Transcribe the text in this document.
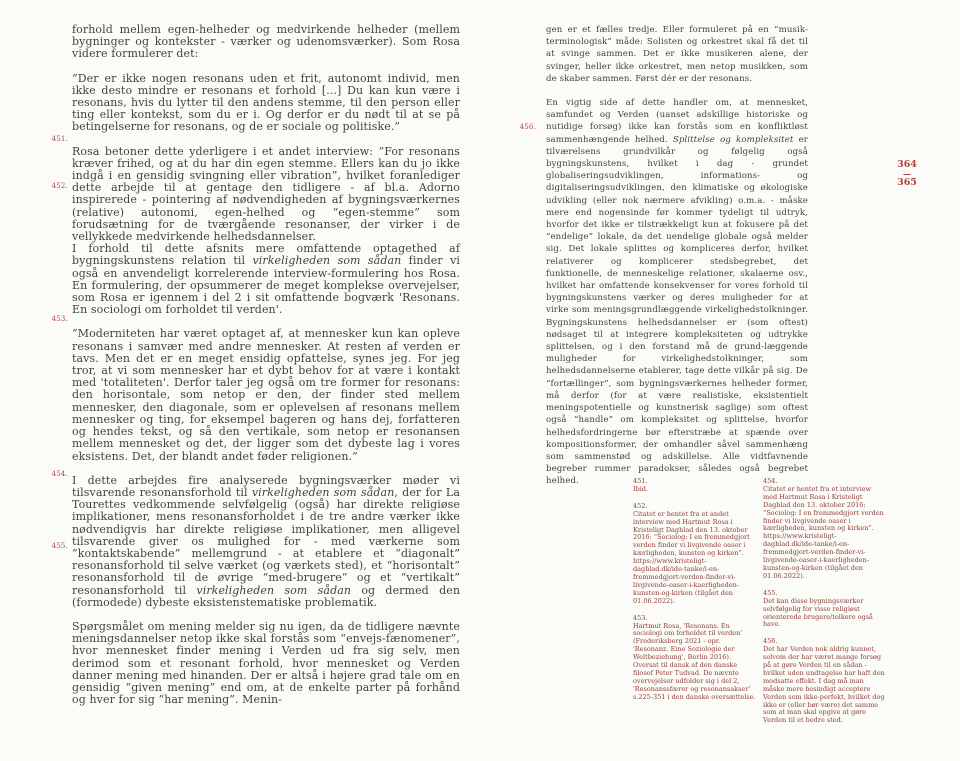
451.
452.
453.
454.
455.

forhold mellem egen-helheder og medvirkende helheder (mellem bygninger og kontekster - værker og udenomsværker). Som Rosa videre formulerer det:

“Der er ikke nogen resonans uden et frit, autonomt individ, men ikke desto mindre er resonans et forhold [...] Du kan kun være i resonans, hvis du lytter til den andens stemme, til den person eller ting eller kontekst, som du er i. Og derfor er du nødt til at se på betingelserne for resonans, og de er sociale og politiske.”

Rosa betoner dette yderligere i et andet interview: “For resonans kræver frihed, og at du har din egen stemme. Ellers kan du jo ikke indgå i en gensidig svingning eller vibration”, hvilket foranlediger dette arbejde til at gentage den tidligere - af bl.a. Adorno inspirerede - pointering af nødvendigheden af bygningsværkernes (relative) autonomi, egen-helhed og “egen-stemme” som forudsætning for de tværgående resonanser, der virker i de vellykkede medvirkende helhedsdannelser.

I forhold til dette afsnits mere omfattende optagethed af bygningskunstens relation til virkeligheden som sådan finder vi også en anvendeligt korrelerende interview-formulering hos Rosa. En formulering, der opsummerer de meget komplekse overvejelser, som Rosa er igennem i del 2 i sit omfattende bogværk 'Resonans. En sociologi om forholdet til verden'.

“Moderniteten har været optaget af, at mennesker kun kan opleve resonans i samvær med andre mennesker. At resten af verden er tavs. Men det er en meget ensidig opfattelse, synes jeg. For jeg tror, at vi som mennesker har et dybt behov for at være i kontakt med 'totaliteten'. Derfor taler jeg også om tre former for resonans: den horisontale, som netop er den, der finder sted mellem mennesker, den diagonale, som er oplevelsen af resonans mellem mennesker og ting, for eksempel bageren og hans dej, forfatteren og hendes tekst, og så den vertikale, som netop er resonansen mellem mennesket og det, der ligger som det dybeste lag i vores eksistens. Det, der blandt andet føder religionen.”

I dette arbejdes fire analyserede bygningsværker møder vi tilsvarende resonansforhold til virkeligheden som sådan, der for La Tourettes vedkommende selvfølgelig (også) har direkte religiøse implikationer, mens resonansforholdet i de tre andre værker ikke nødvendigvis har direkte religiøse implikationer, men alligevel tilsvarende giver os mulighed for - med værkerne som “kontaktskabende” mellemgrund - at etablere et “diagonalt” resonansforhold til selve værket (og værkets sted), et “horisontalt” resonansforhold til de øvrige “med-brugere” og et “vertikalt” resonansforhold til virkeligheden som sådan og dermed den (formodede) dybeste eksistenstematiske problematik.

Spørgsmålet om mening melder sig nu igen, da de tidligere nævnte meningsdannelser netop ikke skal forstås som “envejs-fænomener”, hvor mennesket finder mening i Verden ud fra sig selv, men derimod som et resonant forhold, hvor mennesket og Verden danner mening med hinanden. Der er altså i højere grad tale om en gensidig “given mening” end om, at de enkelte parter på forhånd og hver for sig “har mening”. Menin-

456.

gen er et fælles tredje. Eller formuleret på en “musik-terminologisk” måde: Solisten og orkestret skal få det til at svinge sammen. Det er ikke musikeren alene, der svinger, heller ikke orkestret, men netop musikken, som de skaber sammen. Først dér er der resonans.

En vigtig side af dette handler om, at mennesket, samfundet og Verden (uanset adskillige historiske og nutidige forsøg) ikke kan forstås som en konfliktløst sammenhængende helhed. Splittelse og kompleksitet er tilværelsens grundvilkår og følgelig også bygningskunstens, hvilket i dag - grundet globaliseringsudviklingen, informations- og digitaliseringsudviklingen, den klimatiske og økologiske udvikling (eller nok nærmere afvikling) o.m.a. - måske mere end nogensinde før kommer tydeligt til udtryk, hvorfor det ikke er tilstrækkeligt kun at fokusere på det “endelige” lokale, da det uendelige globale også melder sig. Det lokale splittes og kompliceres derfor, hvilket relativerer og komplicerer stedsbegrebet, det funktionelle, de menneskelige relationer, skalaerne osv., hvilket har omfattende konsekvenser for vores forhold til bygningskunstens værker og deres muligheder for at virke som meningsgrundlæggende virkelighedstolkninger. Bygningskunstens helhedsdannelser er (som oftest) nødsaget til at integrere kompleksiteten og udtrykke splittelsen, og i den forstand må de grund-læggende muligheder for virkelighedstolkninger, som helhedsdannelserne etablerer, tage dette vilkår på sig. De “fortællinger”, som bygningsværkernes helheder former, må derfor (for at være realistiske, eksistentielt meningspotentielle og kunstnerisk saglige) som oftest også “handle” om kompleksitet og splittelse, hvorfor helhedsfordringerne bør efterstræbe at spænde over kompositionsformer, der omhandler såvel sammenhæng som sammenstød og adskillelse. Alle vidtfavnende begreber rummer paradokser, således også begrebet helhed.

364
—
365
451.
Ibid.
452.
Citatet er hentet fra et andet interview med Hartmut Rosa i Kristeligt Dagblad den 13. oktober 2016: “Sociolog: I en fremmedgjort verden finder vi livgivende oaser i kærligheden, kunsten og kirken”. https://www.kristeligt-dagblad.dk/ide-tanke/i-en-fremmedgjort-verden-finder-vi-livgivende-oaser-i-kaerligheden-kunsten-og-kirken (tilgået den 01.06.2022).
453.
Hartmut Rosa, 'Resonans. En sociologi om forholdet til verden' (Frederiksberg 2021 - opr. 'Resonanz. Eine Soziologie der Weltbeziehung', Berlin 2016). Oversat til dansk af den danske filosof Peter Tudvad. De nævnte overvejelser udfolder sig i del 2, 'Resonanssfærer og resonansakser' s.225-351 i den danske oversættelse.
454.
Citatet er hentet fra et interview med Hartmut Rosa i Kristeligt Dagblad den 13. oktober 2016: “Sociolog: I en fremmedgjort verden finder vi livgivende oaser i kærligheden, kunsten og kirken”. https://www.kristeligt-dagblad.dk/ide-tanke/i-en-fremmedgjort-verden-finder-vi-livgivende-oaser-i-kaerligheden-kunsten-og-kirken (tilgået den 01.06.2022).
455.
Det kan disse bygningsværker selvfølgelig for visse religiøst orienterede brugere/tolkere også have.
456.
Det har Verden nok aldrig kunnet, selvom der har været mange forsøg på at gøre Verden til en sådan - hvilket uden undtagelse har haft den modsatte effekt. I dag må man måske mere besindigt acceptere Verden som ikke-perfekt, hvilket dog ikke er (eller bør være) det samme som at man skal opgive at gøre Verden til et bedre sted.
